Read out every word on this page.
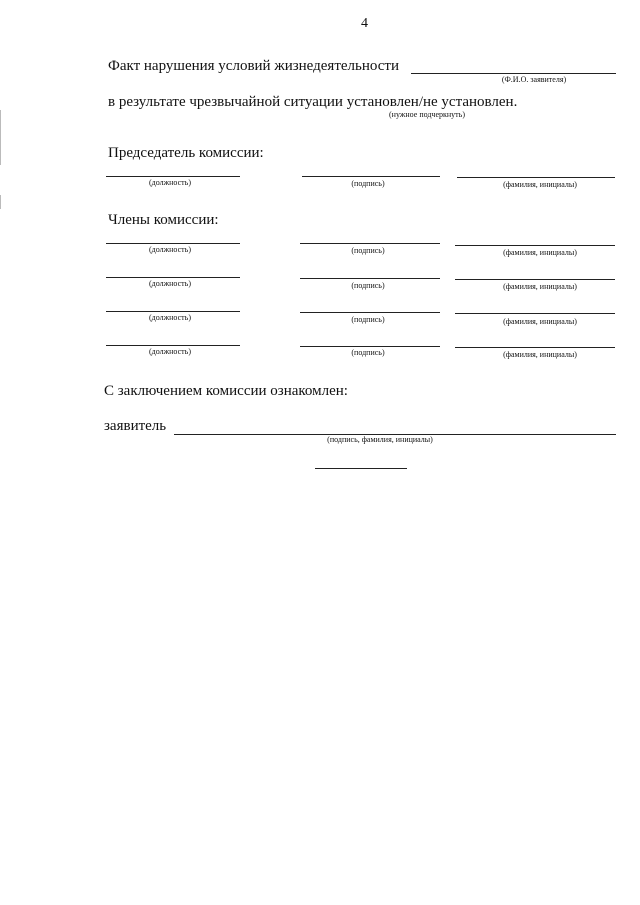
4
Факт нарушения условий жизнедеятельности
(Ф.И.О. заявителя)
в результате чрезвычайной ситуации установлен/не установлен.
(нужное подчеркнуть)
Председатель комиссии:
(должность)	(подпись)	(фамилия, инициалы)
Члены комиссии:
(должность)	(подпись)	(фамилия, инициалы)
(должность)	(подпись)	(фамилия, инициалы)
(должность)	(подпись)	(фамилия, инициалы)
(должность)	(подпись)	(фамилия, инициалы)
С заключением комиссии ознакомлен:
заявитель
(подпись, фамилия, инициалы)
